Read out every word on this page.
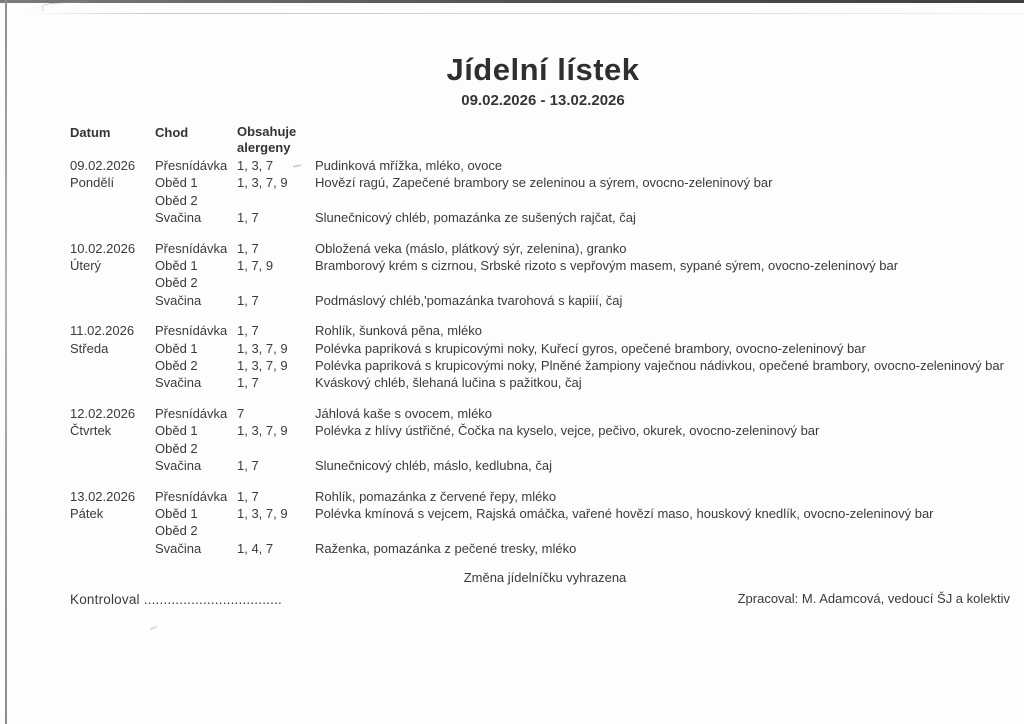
Jídelní lístek
09.02.2026 - 13.02.2026
Datum	Chod	Obsahuje alergeny
09.02.2026	Přesnídávka 1, 3, 7	Pudinková mřížka, mléko, ovoce
Pondělí	Oběd 1	1, 3, 7, 9	Hovězí ragú, Zapečené brambory se zeleninou a sýrem, ovocno-zeleninový bar
Oběd 2
Svačina	1, 7	Slunečnicový chléb, pomazánka ze sušených rajčat, čaj
10.02.2026	Přesnídávka 1, 7	Obložená veka (máslo, plátkový sýr, zelenina), granko
Úterý	Oběd 1	1, 7, 9	Bramborový krém s cizrnou, Srbské rizoto s vepřovým masem, sypané sýrem, ovocno-zeleninový bar
Oběd 2
Svačina	1, 7	Podmáslový chléb,'pomazánka tvarohová s kapiií, čaj
11.02.2026	Přesnídávka 1, 7	Rohlík, šunková pěna, mléko
Středa	Oběd 1	1, 3, 7, 9	Polévka papriková s krupicovými noky, Kuřecí gyros, opečené brambory, ovocno-zeleninový bar
Oběd 2	1, 3, 7, 9	Polévka papriková s krupicovými noky, Plněné žampiony vaječnou nádivkou, opečené brambory, ovocno-zeleninový bar
Svačina	1, 7	Kváskový chléb, šlehaná lučina s pažitkou, čaj
12.02.2026	Přesnídávka 7	Jáhlová kaše s ovocem, mléko
Čtvrtek	Oběd 1	1, 3, 7, 9	Polévka z hlívy ústřičné, Čočka na kyselo, vejce, pečivo, okurek, ovocno-zeleninový bar
Oběd 2
Svačina	1, 7	Slunečnicový chléb, máslo, kedlubna, čaj
13.02.2026	Přesnídávka 1, 7	Rohlík, pomazánka z červené řepy, mléko
Pátek	Oběd 1	1, 3, 7, 9	Polévka kmínová s vejcem, Rajská omáčka, vařené hovězí maso, houskový knedlík, ovocno-zeleninový bar
Oběd 2
Svačina	1, 4, 7	Raženka, pomazánka z pečené tresky, mléko
Změna jídelníčku vyhrazena
Kontroloval ...................................	Zpracoval: M. Adamcová, vedoucí ŠJ a kolektiv
